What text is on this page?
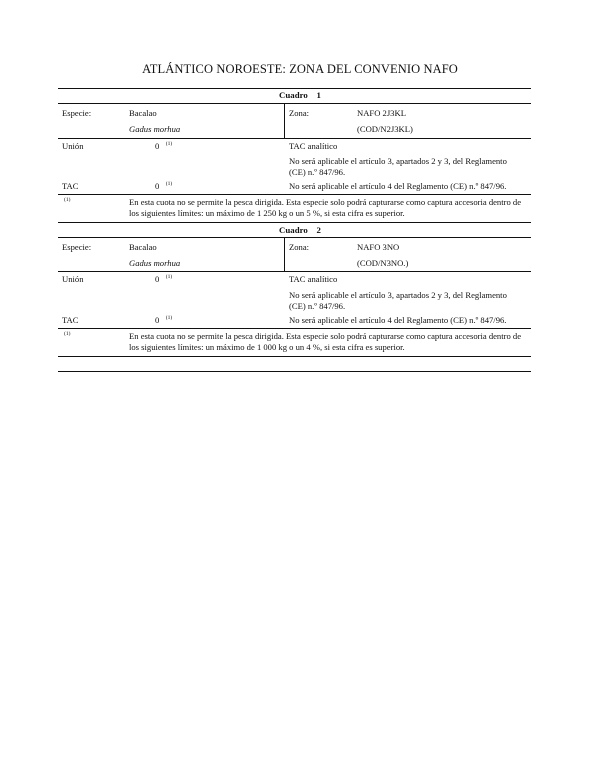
ATLÁNTICO NOROESTE: ZONA DEL CONVENIO NAFO
Cuadro 1
Especie:	Bacalao
Gadus morhua
Zona:	NAFO 2J3KL
(COD/N2J3KL)
Unión	0 $^{(1)}$	TAC analítico
No será aplicable el artículo 3, apartados 2 y 3, del Reglamento (CE) n.º 847/96.
TAC	0 $^{(1)}$	No será aplicable el artículo 4 del Reglamento (CE) n.º 847/96.
(1)	En esta cuota no se permite la pesca dirigida. Esta especie solo podrá capturarse como captura accesoria dentro de los siguientes límites: un máximo de 1 250 kg o un 5 %, si esta cifra es superior.
Cuadro 2
Especie:	Bacalao
Gadus morhua
Zona:	NAFO 3NO
(COD/N3NO.)
Unión	0 $^{(1)}$	TAC analítico
No será aplicable el artículo 3, apartados 2 y 3, del Reglamento (CE) n.º 847/96.
TAC	0 $^{(1)}$	No será aplicable el artículo 4 del Reglamento (CE) n.º 847/96.
(1)	En esta cuota no se permite la pesca dirigida. Esta especie solo podrá capturarse como captura accesoria dentro de los siguientes límites: un máximo de 1 000 kg o un 4 %, si esta cifra es superior.
